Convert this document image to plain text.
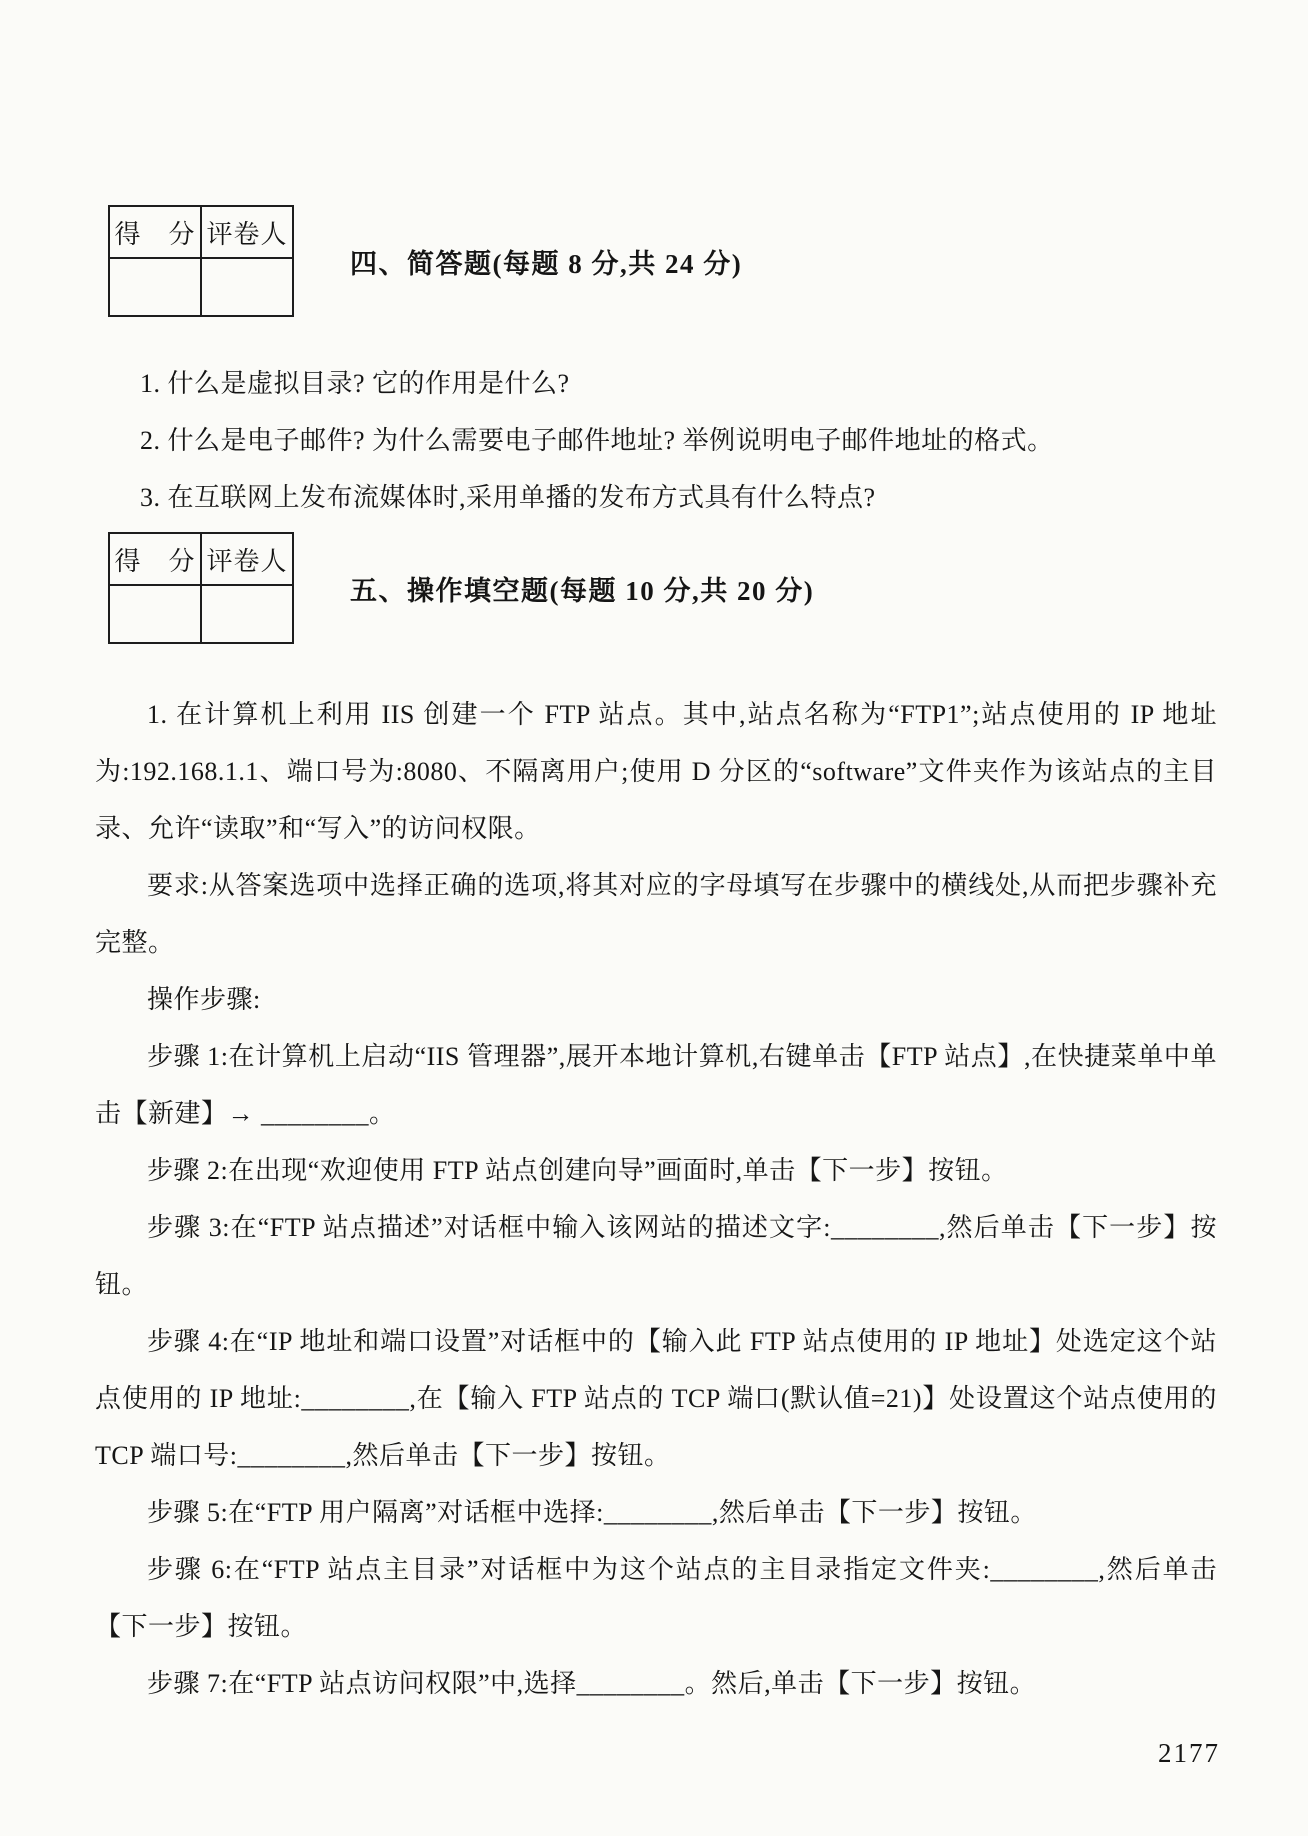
得　分	评卷人

四、简答题(每题 8 分,共 24 分)

1. 什么是虚拟目录? 它的作用是什么?

2. 什么是电子邮件? 为什么需要电子邮件地址? 举例说明电子邮件地址的格式。

3. 在互联网上发布流媒体时,采用单播的发布方式具有什么特点?

得　分	评卷人

五、操作填空题(每题 10 分,共 20 分)

1. 在计算机上利用 IIS 创建一个 FTP 站点。其中,站点名称为“FTP1”;站点使用的 IP 地址为:192.168.1.1、端口号为:8080、不隔离用户;使用 D 分区的“software”文件夹作为该站点的主目录、允许“读取”和“写入”的访问权限。

要求:从答案选项中选择正确的选项,将其对应的字母填写在步骤中的横线处,从而把步骤补充完整。

操作步骤:

步骤 1:在计算机上启动“IIS 管理器”,展开本地计算机,右键单击【FTP 站点】,在快捷菜单中单击【新建】→ ________。

步骤 2:在出现“欢迎使用 FTP 站点创建向导”画面时,单击【下一步】按钮。

步骤 3:在“FTP 站点描述”对话框中输入该网站的描述文字:________,然后单击【下一步】按钮。

步骤 4:在“IP 地址和端口设置”对话框中的【输入此 FTP 站点使用的 IP 地址】处选定这个站点使用的 IP 地址:________,在【输入 FTP 站点的 TCP 端口(默认值=21)】处设置这个站点使用的 TCP 端口号:________,然后单击【下一步】按钮。

步骤 5:在“FTP 用户隔离”对话框中选择:________,然后单击【下一步】按钮。

步骤 6:在“FTP 站点主目录”对话框中为这个站点的主目录指定文件夹:________,然后单击【下一步】按钮。

步骤 7:在“FTP 站点访问权限”中,选择________。然后,单击【下一步】按钮。

2177
